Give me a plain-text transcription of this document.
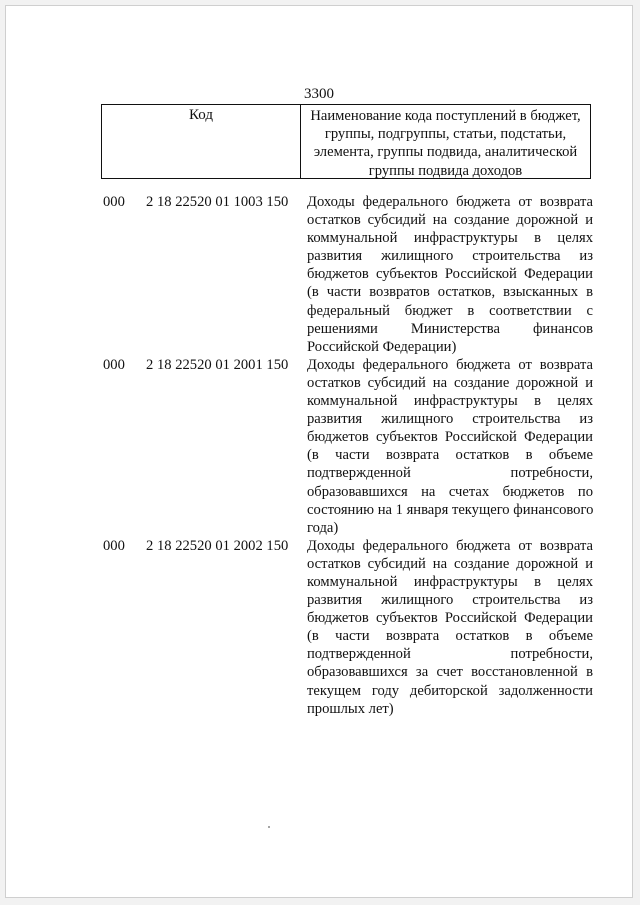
3300
Код	Наименование кода поступлений в бюджет,
группы, подгруппы, статьи, подстатьи,
элемента, группы подвида, аналитической
группы подвида доходов
000 2 18 22520 01 1003 150 Доходы федерального бюджета от возврата
остатков субсидий на создание дорожной и
коммунальной инфраструктуры в целях
развития жилищного строительства из
бюджетов субъектов Российской Федерации
(в части возвратов остатков, взысканных в
федеральный бюджет в соответствии с
решениями Министерства финансов
Российской Федерации)
000 2 18 22520 01 2001 150 Доходы федерального бюджета от возврата
остатков субсидий на создание дорожной и
коммунальной инфраструктуры в целях
развития жилищного строительства из
бюджетов субъектов Российской Федерации
(в части возврата остатков в объеме
подтвержденной потребности,
образовавшихся на счетах бюджетов по
состоянию на 1 января текущего финансового
года)
000 2 18 22520 01 2002 150 Доходы федерального бюджета от возврата
остатков субсидий на создание дорожной и
коммунальной инфраструктуры в целях
развития жилищного строительства из
бюджетов субъектов Российской Федерации
(в части возврата остатков в объеме
подтвержденной потребности,
образовавшихся за счет восстановленной в
текущем году дебиторской задолженности
прошлых лет)
